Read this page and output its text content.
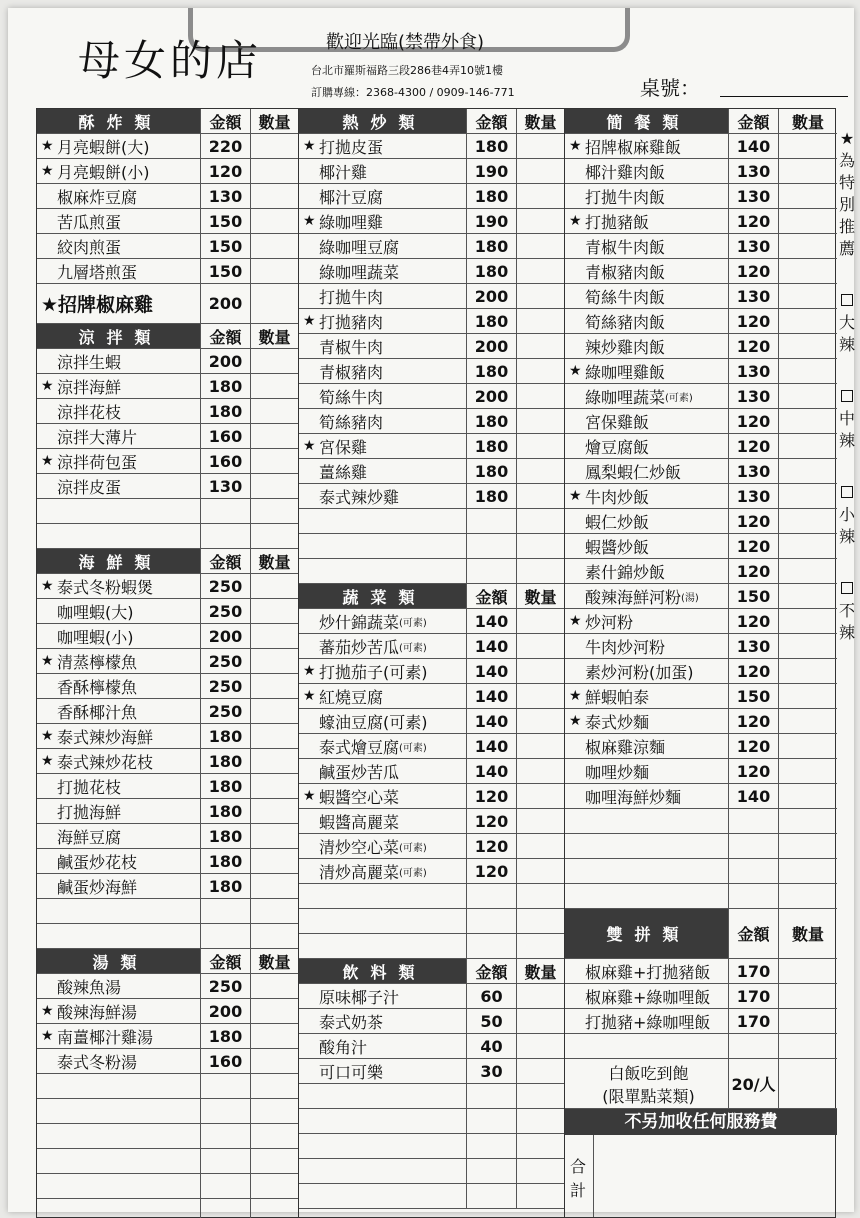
母女的店	歡迎光臨(禁帶外食)
台北市羅斯福路三段286巷4弄10號1樓
訂購專線：2368-4300 / 0909-146-771	桌號：
酥炸類	金額	數量
★ 月亮蝦餅(大)	220
★ 月亮蝦餅(小)	120
椒麻炸豆腐	130
苦瓜煎蛋	150
絞肉煎蛋	150
九層塔煎蛋	150
★招牌椒麻雞	200
涼拌類	金額	數量
涼拌生蝦	200
★ 涼拌海鮮	180
涼拌花枝	180
涼拌大薄片	160
★ 涼拌荷包蛋	160
涼拌皮蛋	130
海鮮類	金額	數量
★ 泰式冬粉蝦煲	250
咖哩蝦(大)	250
咖哩蝦(小)	200
★ 清蒸檸檬魚	250
香酥檸檬魚	250
香酥椰汁魚	250
★ 泰式辣炒海鮮	180
★ 泰式辣炒花枝	180
打拋花枝	180
打拋海鮮	180
海鮮豆腐	180
鹹蛋炒花枝	180
鹹蛋炒海鮮	180
湯類	金額	數量
酸辣魚湯	250
★ 酸辣海鮮湯	200
★ 南薑椰汁雞湯	180
泰式冬粉湯	160
熱炒類	金額	數量
★ 打拋皮蛋	180
椰汁雞	190
椰汁豆腐	180
★ 綠咖哩雞	190
綠咖哩豆腐	180
綠咖哩蔬菜	180
打拋牛肉	200
★ 打拋豬肉	180
青椒牛肉	200
青椒豬肉	180
筍絲牛肉	200
筍絲豬肉	180
★ 宮保雞	180
薑絲雞	180
泰式辣炒雞	180
蔬菜類	金額	數量
炒什錦蔬菜 (可素)	140
蕃茄炒苦瓜 (可素)	140
★ 打拋茄子(可素)	140
★ 紅燒豆腐	140
蠔油豆腐(可素)	140
泰式燴豆腐 (可素)	140
鹹蛋炒苦瓜	140
★ 蝦醬空心菜	120
蝦醬高麗菜	120
清炒空心菜 (可素)	120
清炒高麗菜 (可素)	120
飲料類	金額	數量
原味椰子汁	60
泰式奶茶	50
酸角汁	40
可口可樂	30
簡餐類	金額	數量
★ 招牌椒麻雞飯	140
椰汁雞肉飯	130
打拋牛肉飯	130
★ 打拋豬飯	120
青椒牛肉飯	130
青椒豬肉飯	120
筍絲牛肉飯	130
筍絲豬肉飯	120
辣炒雞肉飯	120
★ 綠咖哩雞飯	130
綠咖哩蔬菜 (可素)	130
宮保雞飯	120
燴豆腐飯	120
鳳梨蝦仁炒飯	130
★ 牛肉炒飯	130
蝦仁炒飯	120
蝦醬炒飯	120
素什錦炒飯	120
酸辣海鮮河粉 (湯)	150
★ 炒河粉	120
牛肉炒河粉	130
素炒河粉(加蛋)	120
★ 鮮蝦帕泰	150
★ 泰式炒麵	120
椒麻雞涼麵	120
咖哩炒麵	120
咖哩海鮮炒麵	140
雙拼類	金額	數量
椒麻雞+打拋豬飯	170
椒麻雞+綠咖哩飯	170
打拋豬+綠咖哩飯	170
白飯吃到飽
(限單點菜類)
20/人
不另加收任何服務費
合計
★為特別推薦
大辣
中辣
小辣
不辣
